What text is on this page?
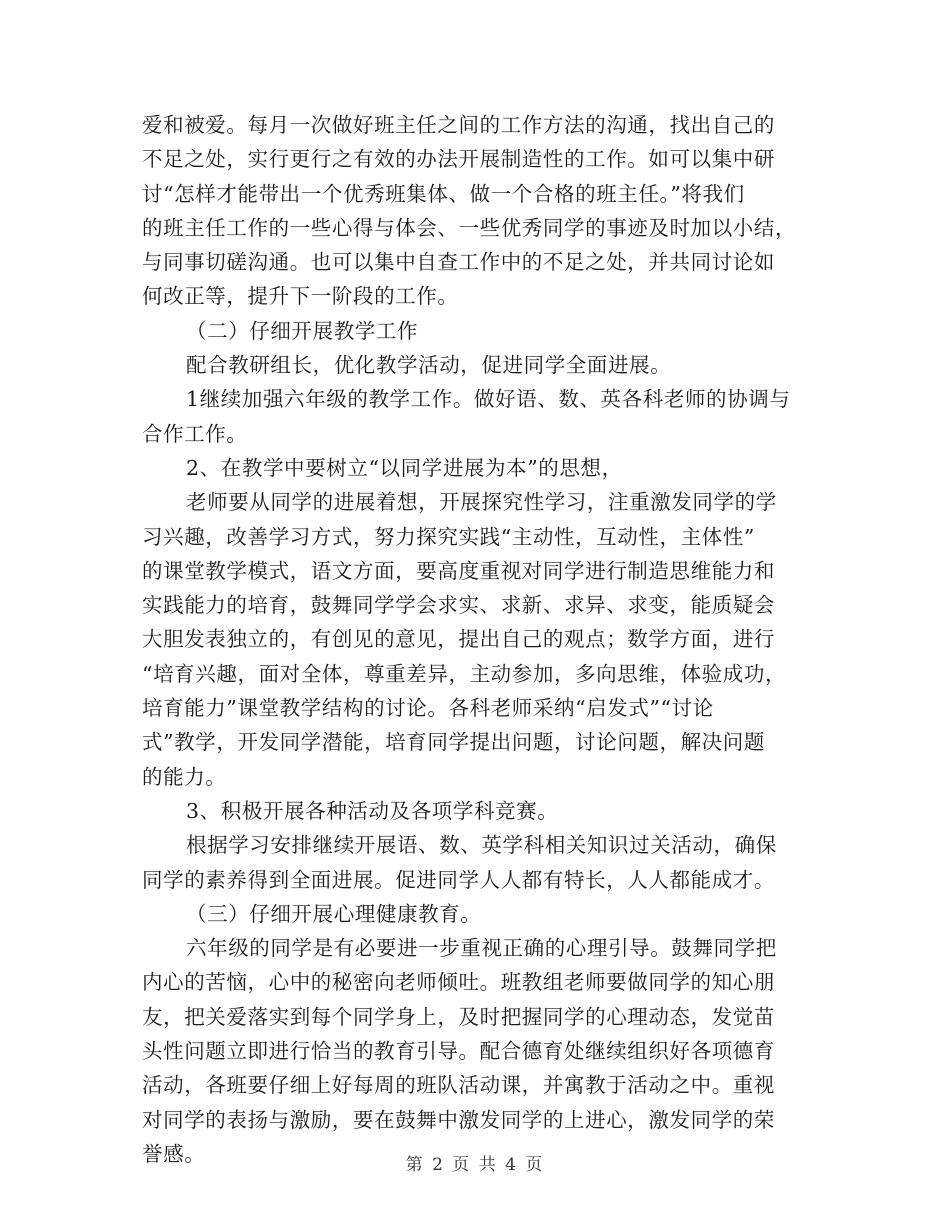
爱和被爱。每月一次做好班主任之间的工作方法的沟通，找出自己的
不足之处，实行更行之有效的办法开展制造性的工作。如可以集中研
讨“怎样才能带出一个优秀班集体、做一个合格的班主任。”将我们
的班主任工作的一些心得与体会、一些优秀同学的事迹及时加以小结，
与同事切磋沟通。也可以集中自查工作中的不足之处，并共同讨论如
何改正等，提升下一阶段的工作。
（二）仔细开展教学工作
配合教研组长，优化教学活动，促进同学全面进展。
1继续加强六年级的教学工作。做好语、数、英各科老师的协调与
合作工作。
2、在教学中要树立“以同学进展为本”的思想，
老师要从同学的进展着想，开展探究性学习，注重激发同学的学
习兴趣，改善学习方式，努力探究实践“主动性，互动性，主体性”
的课堂教学模式，语文方面，要高度重视对同学进行制造思维能力和
实践能力的培育，鼓舞同学学会求实、求新、求异、求变，能质疑会
大胆发表独立的，有创见的意见，提出自己的观点；数学方面，进行
“培育兴趣，面对全体，尊重差异，主动参加，多向思维，体验成功，
培育能力”课堂教学结构的讨论。各科老师采纳“启发式”“讨论
式”教学，开发同学潜能，培育同学提出问题，讨论问题，解决问题
的能力。
3、积极开展各种活动及各项学科竞赛。
根据学习安排继续开展语、数、英学科相关知识过关活动，确保
同学的素养得到全面进展。促进同学人人都有特长，人人都能成才。
（三）仔细开展心理健康教育。
六年级的同学是有必要进一步重视正确的心理引导。鼓舞同学把
内心的苦恼，心中的秘密向老师倾吐。班教组老师要做同学的知心朋
友，把关爱落实到每个同学身上，及时把握同学的心理动态，发觉苗
头性问题立即进行恰当的教育引导。配合德育处继续组织好各项德育
活动，各班要仔细上好每周的班队活动课，并寓教于活动之中。重视
对同学的表扬与激励，要在鼓舞中激发同学的上进心，激发同学的荣
誉感。	第 2 页 共 4 页
